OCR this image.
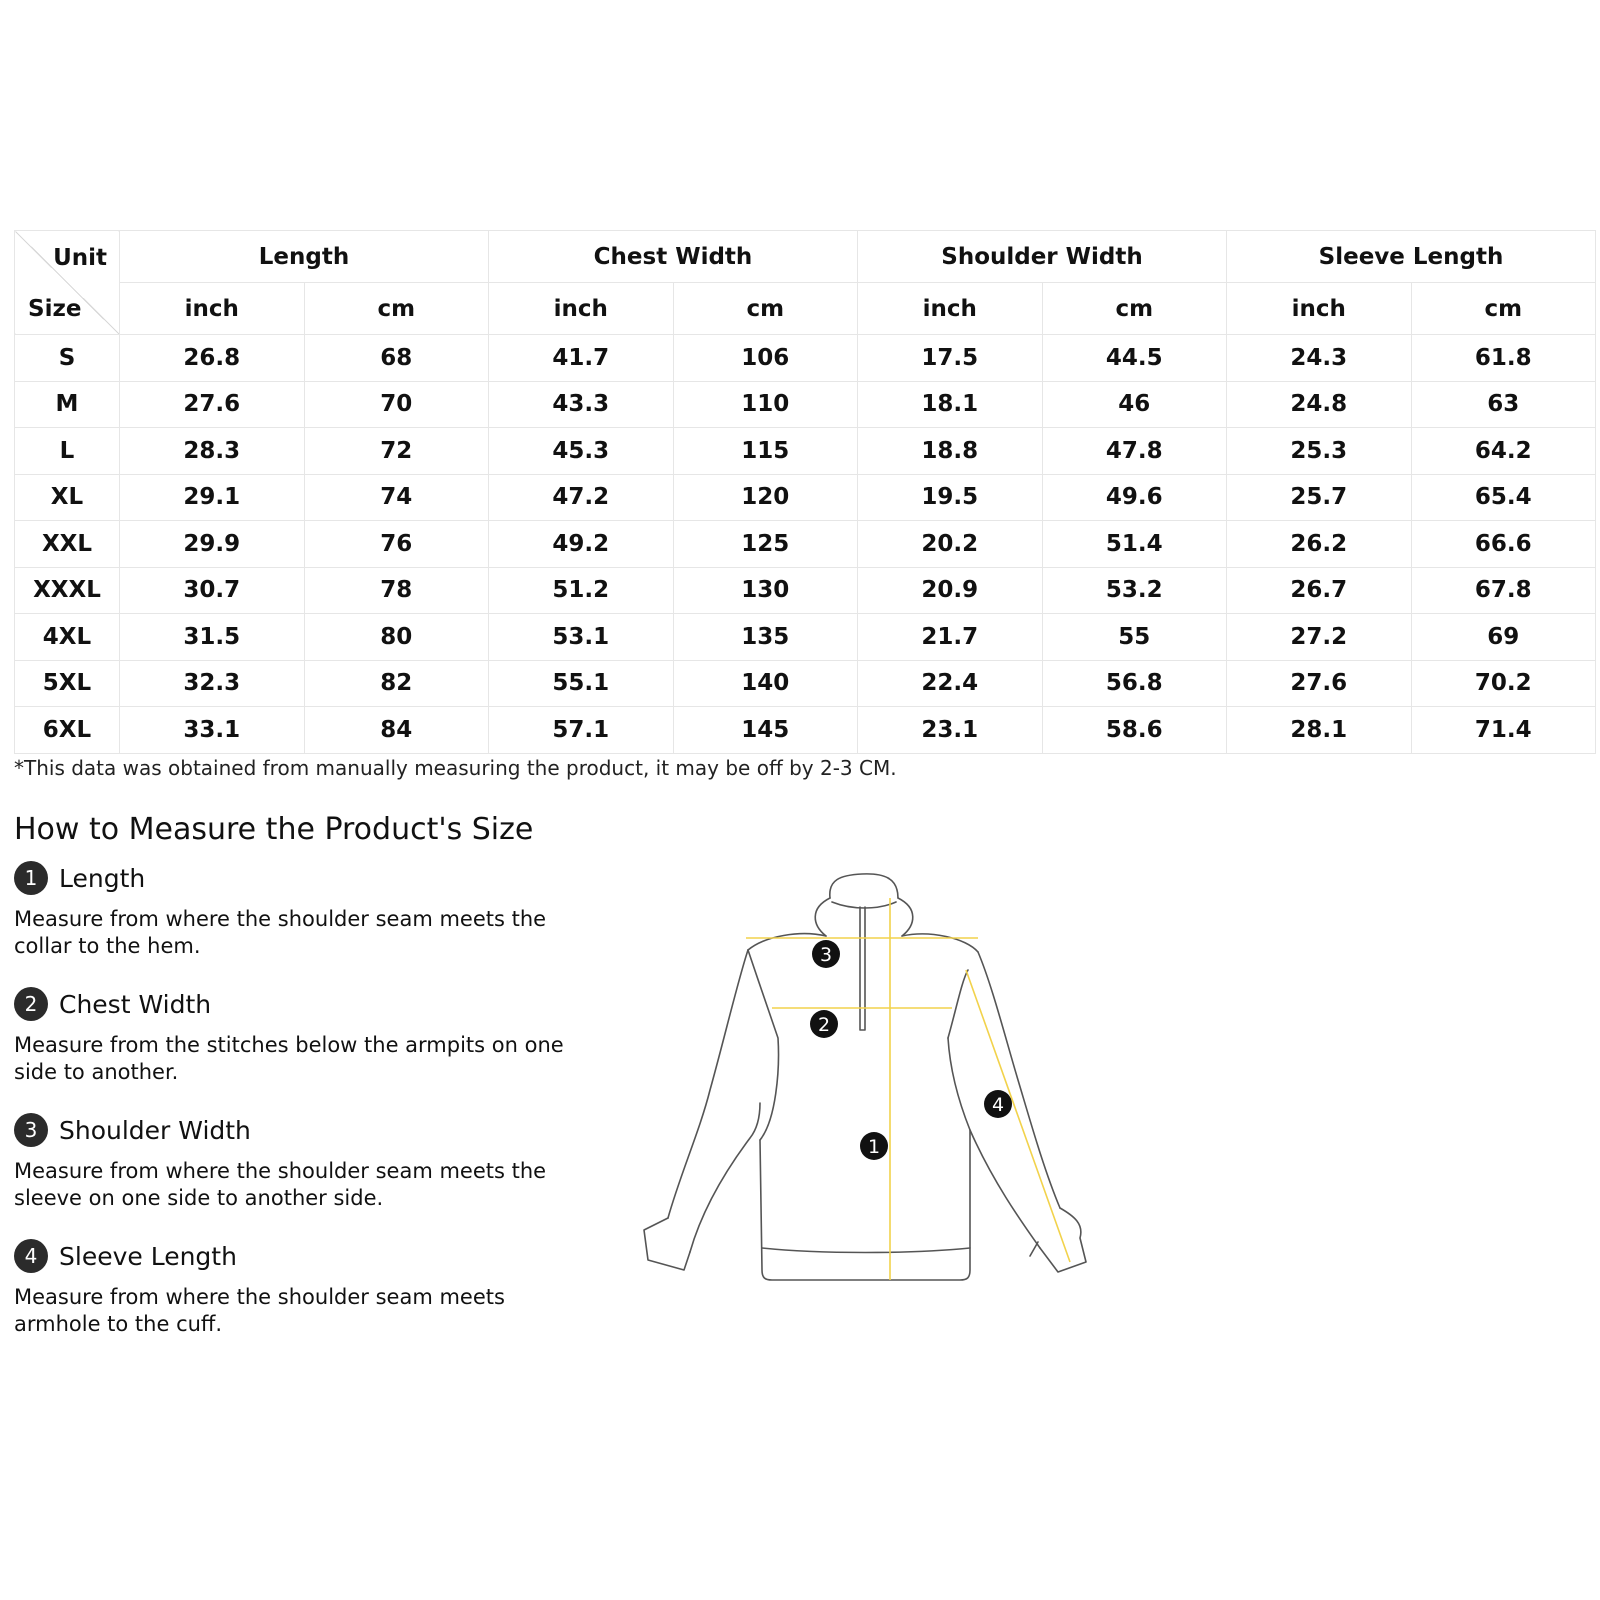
Unit
Size	Length		Chest Width		Shoulder Width		Sleeve Length	
	inch	cm	inch	cm	inch	cm	inch	cm
S	26.8	68	41.7	106	17.5	44.5	24.3	61.8
M	27.6	70	43.3	110	18.1	46	24.8	63
L	28.3	72	45.3	115	18.8	47.8	25.3	64.2
XL	29.1	74	47.2	120	19.5	49.6	25.7	65.4
XXL	29.9	76	49.2	125	20.2	51.4	26.2	66.6
XXXL	30.7	78	51.2	130	20.9	53.2	26.7	67.8
4XL	31.5	80	53.1	135	21.7	55	27.2	69
5XL	32.3	82	55.1	140	22.4	56.8	27.6	70.2
6XL	33.1	84	57.1	145	23.1	58.6	28.1	71.4
*This data was obtained from manually measuring the product, it may be off by 2-3 CM.
How to Measure the Product's Size
1 Length
Measure from where the shoulder seam meets the collar to the hem.
2 Chest Width
Measure from the stitches below the armpits on one side to another.
3 Shoulder Width
Measure from where the shoulder seam meets the sleeve on one side to another side.
4 Sleeve Length
Measure from where the shoulder seam meets armhole to the cuff.
3
2
1
4
